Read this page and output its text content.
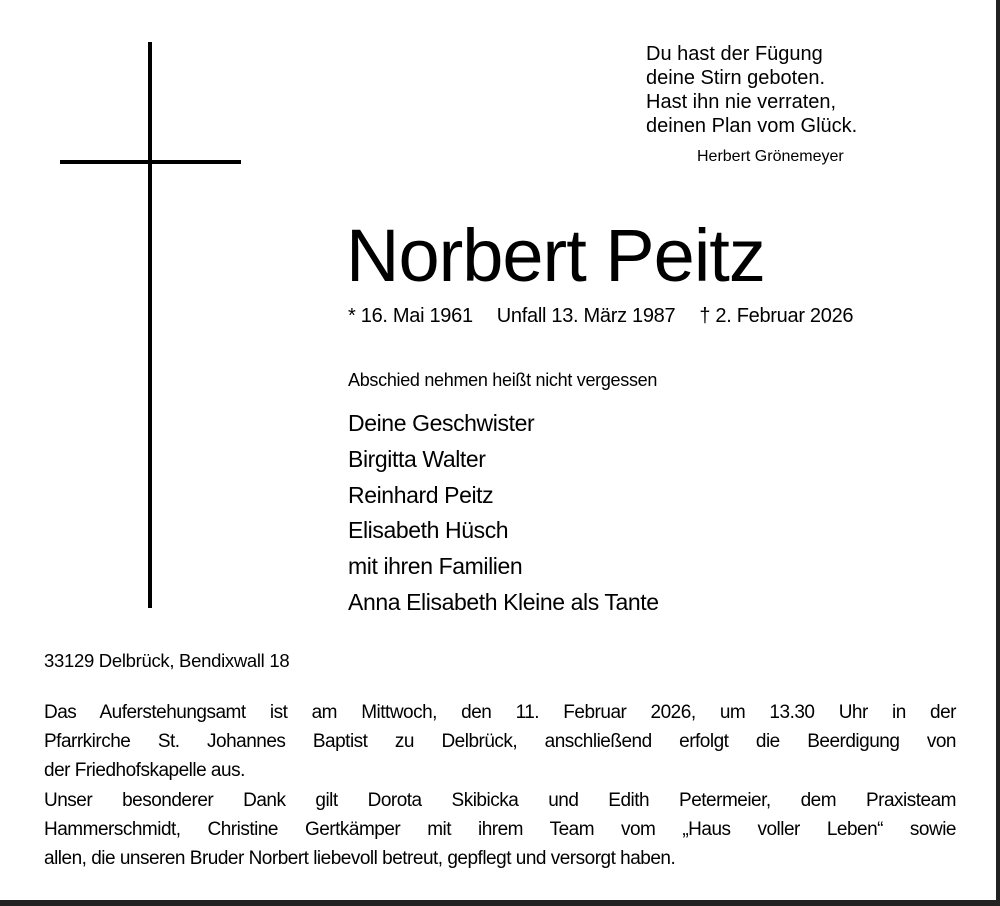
Du hast der Fügung
deine Stirn geboten.
Hast ihn nie verraten,
deinen Plan vom Glück.
Herbert Grönemeyer
Norbert Peitz
* 16. Mai 1961 Unfall 13. März 1987 † 2. Februar 2026
Abschied nehmen heißt nicht vergessen
Deine Geschwister
Birgitta Walter
Reinhard Peitz
Elisabeth Hüsch
mit ihren Familien
Anna Elisabeth Kleine als Tante
33129 Delbrück, Bendixwall 18
Das Auferstehungsamt ist am Mittwoch, den 11. Februar 2026, um 13.30 Uhr in der
Pfarrkirche St. Johannes Baptist zu Delbrück, anschließend erfolgt die Beerdigung von
der Friedhofskapelle aus.
Unser besonderer Dank gilt Dorota Skibicka und Edith Petermeier, dem Praxisteam
Hammerschmidt, Christine Gertkämper mit ihrem Team vom „Haus voller Leben“ sowie
allen, die unseren Bruder Norbert liebevoll betreut, gepflegt und versorgt haben.
